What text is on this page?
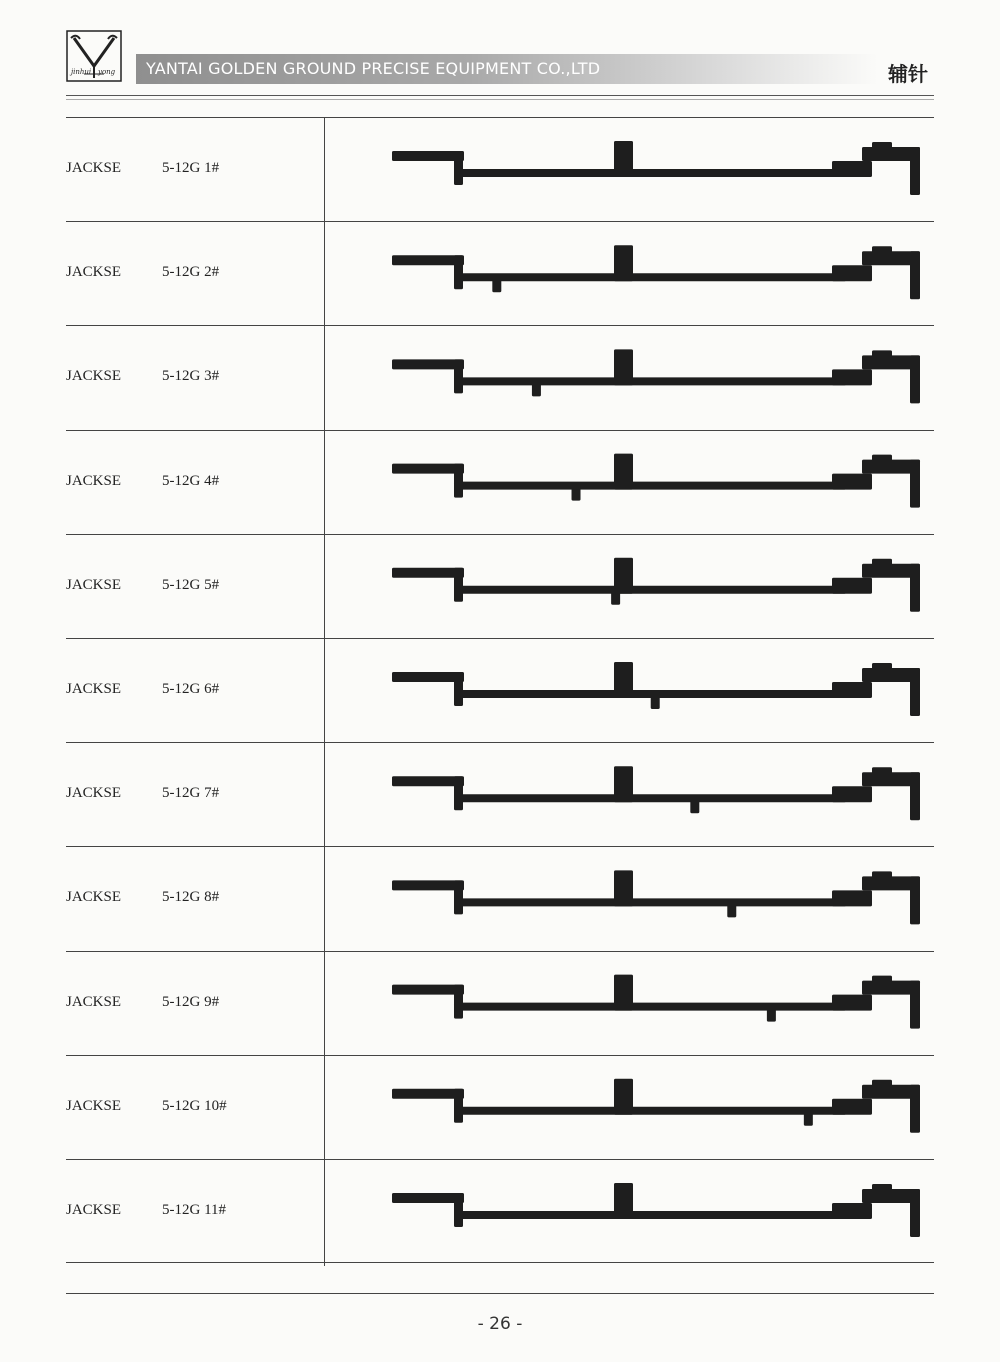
jinhui yong YANTAI GOLDEN GROUND PRECISE EQUIPMENT CO.,LTD	辅针
JACKSE	5-12G 1#
JACKSE	5-12G 2#
JACKSE	5-12G 3#
JACKSE	5-12G 4#
JACKSE	5-12G 5#
JACKSE	5-12G 6#
JACKSE	5-12G 7#
JACKSE	5-12G 8#
JACKSE	5-12G 9#
JACKSE	5-12G 10#
JACKSE	5-12G 11#
- 26 -
